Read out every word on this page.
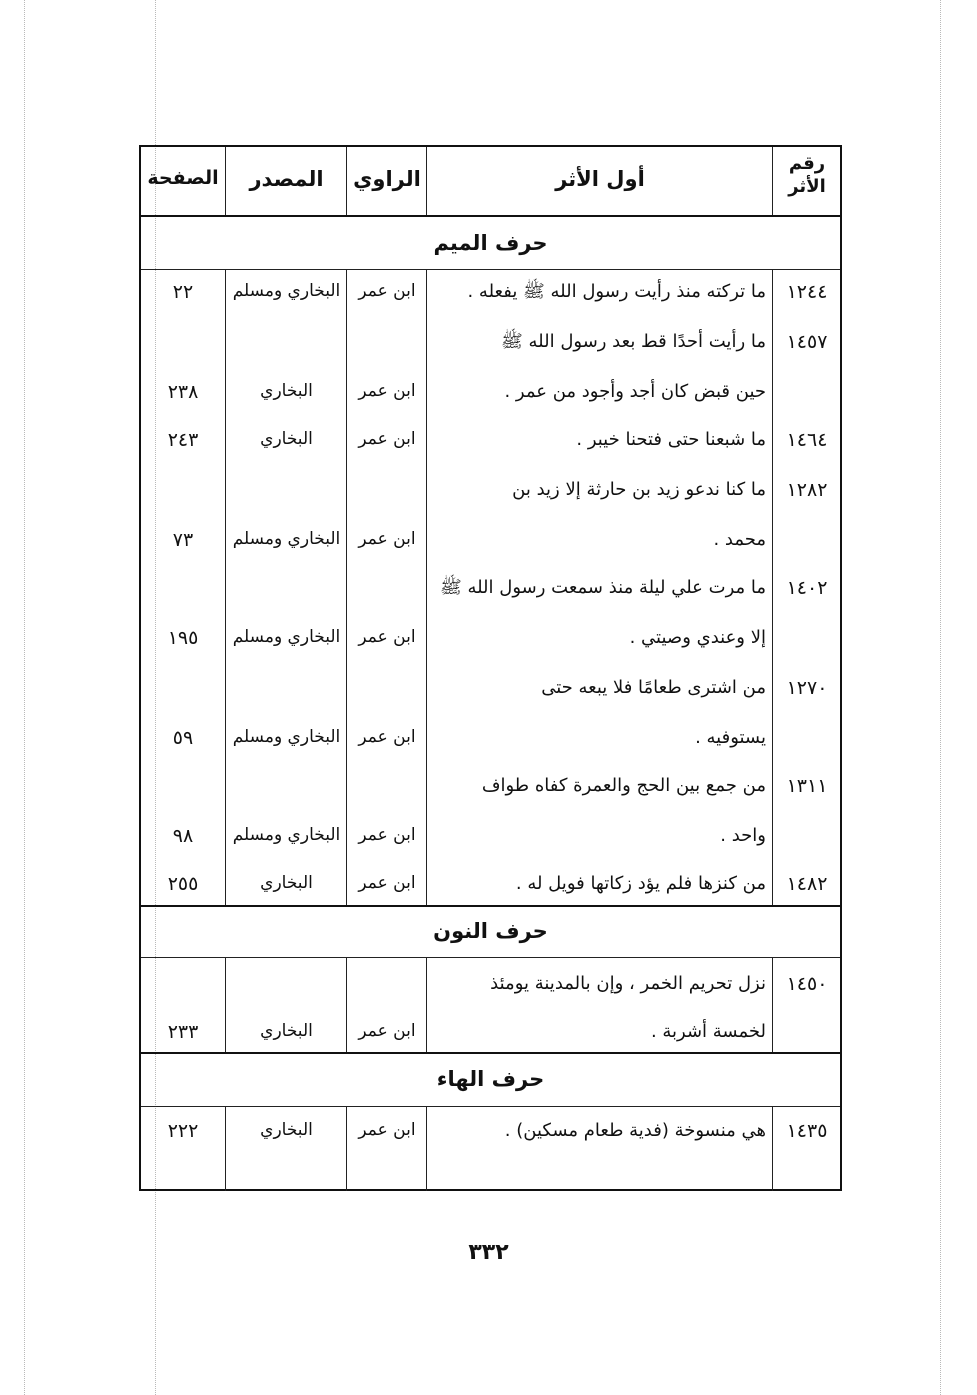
رقم الأثر
أول الأثر
الراوي
المصدر
الصفحة
حرف الميم
حرف النون
حرف الهاء
١٢٤٤
ما تركته منذ رأيت رسول الله ﷺ يفعله .
ابن عمر
البخاري ومسلم
٢٢
١٤٥٧
ما رأيت أحدًا قط بعد رسول الله ﷺ
حين قبض كان أجد وأجود من عمر .
ابن عمر
البخاري
٢٣٨
١٤٦٤
ما شبعنا حتى فتحنا خيبر .
ابن عمر
البخاري
٢٤٣
١٢٨٢
ما كنا ندعو زيد بن حارثة إلا زيد بن
محمد .
ابن عمر
البخاري ومسلم
٧٣
١٤٠٢
ما مرت علي ليلة منذ سمعت رسول الله ﷺ
إلا وعندي وصيتي .
ابن عمر
البخاري ومسلم
١٩٥
١٢٧٠
من اشترى طعامًا فلا يبعه حتى
يستوفيه .
ابن عمر
البخاري ومسلم
٥٩
١٣١١
من جمع بين الحج والعمرة كفاه طواف
واحد .
ابن عمر
البخاري ومسلم
٩٨
١٤٨٢
من كنزها فلم يؤد زكاتها فويل له .
ابن عمر
البخاري
٢٥٥
١٤٥٠
نزل تحريم الخمر ، وإن بالمدينة يومئذ
لخمسة أشربة .
ابن عمر
البخاري
٢٣٣
١٤٣٥
هي منسوخة (فدية طعام مسكين) .
ابن عمر
البخاري
٢٢٢
٣٣٢
